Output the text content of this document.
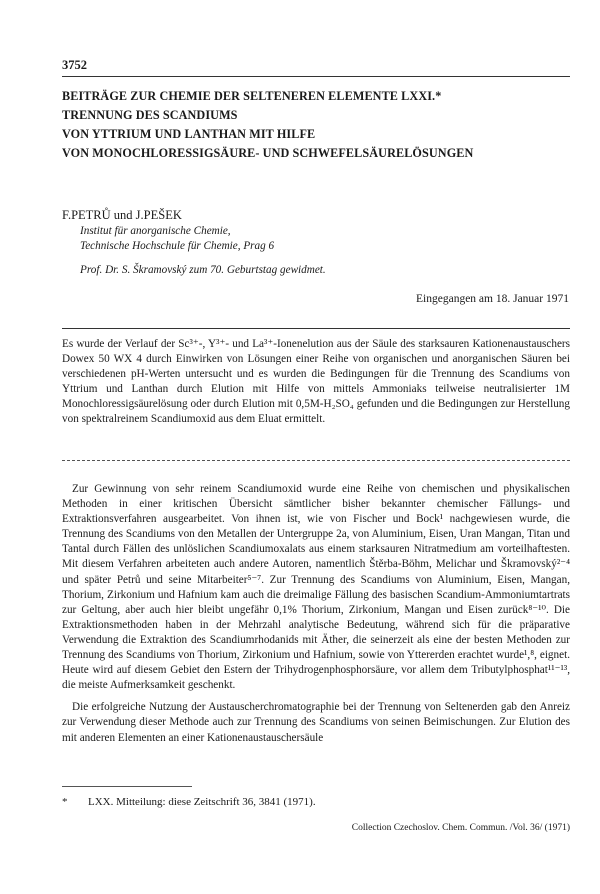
3752
BEITRÄGE ZUR CHEMIE DER SELTENEREN ELEMENTE LXXI.*
TRENNUNG DES SCANDIUMS
VON YTTRIUM UND LANTHAN MIT HILFE
VON MONOCHLORESSIGSÄURE- UND SCHWEFELSÄURELÖSUNGEN
F.PETRŮ und J.PEŠEK
Institut für anorganische Chemie,
Technische Hochschule für Chemie, Prag 6
Prof. Dr. S. Škramovský zum 70. Geburtstag gewidmet.
Eingegangen am 18. Januar 1971
Es wurde der Verlauf der Sc³⁺-, Y³⁺- und La³⁺-Ionenelution aus der Säule des starksauren Kationenaustauschers Dowex 50 WX 4 durch Einwirken von Lösungen einer Reihe von organischen und anorganischen Säuren bei verschiedenen pH-Werten untersucht und es wurden die Bedingungen für die Trennung des Scandiums von Yttrium und Lanthan durch Elution mit Hilfe von mittels Ammoniaks teilweise neutralisierter 1M Monochloressigsäurelösung oder durch Elution mit 0,5M-H₂SO₄ gefunden und die Bedingungen zur Herstellung von spektralreinem Scandiumoxid aus dem Eluat ermittelt.

Zur Gewinnung von sehr reinem Scandiumoxid wurde eine Reihe von chemischen und physikalischen Methoden in einer kritischen Übersicht sämtlicher bisher bekannter chemischer Fällungs- und Extraktionsverfahren ausgearbeitet. Von ihnen ist, wie von Fischer und Bock¹ nachgewiesen wurde, die Trennung des Scandiums von den Metallen der Untergruppe 2a, von Aluminium, Eisen, Uran Mangan, Titan und Tantal durch Fällen des unlöslichen Scandiumoxalats aus einem starksauren Nitratmedium am vorteilhaftesten. Mit diesem Verfahren arbeiteten auch andere Autoren, namentlich Štěrba-Böhm, Melichar und Škramovský²⁻⁴ und später Petrů und seine Mitarbeiter⁵⁻⁷. Zur Trennung des Scandiums von Aluminium, Eisen, Mangan, Thorium, Zirkonium und Hafnium kam auch die dreimalige Fällung des basischen Scandium-Ammoniumtartrats zur Geltung, aber auch hier bleibt ungefähr 0,1% Thorium, Zirkonium, Mangan und Eisen zurück⁸⁻¹⁰. Die Extraktionsmethoden haben in der Mehrzahl analytische Bedeutung, während sich für die präparative Verwendung die Extraktion des Scandiumrhodanids mit Äther, die seinerzeit als eine der besten Methoden zur Trennung des Scandiums von Thorium, Zirkonium und Hafnium, sowie von Yttererden erachtet wurde¹,⁸, eignet. Heute wird auf diesem Gebiet den Estern der Trihydrogenphosphorsäure, vor allem dem Tributylphosphat¹¹⁻¹³, die meiste Aufmerksamkeit geschenkt.

Die erfolgreiche Nutzung der Austauscherchromatographie bei der Trennung von Seltenerden gab den Anreiz zur Verwendung dieser Methode auch zur Trennung des Scandiums von seinen Beimischungen. Zur Elution des mit anderen Elementen an einer Kationenaustauschersäule

* LXX. Mitteilung: diese Zeitschrift 36, 3841 (1971).
Collection Czechoslov. Chem. Commun. /Vol. 36/ (1971)
